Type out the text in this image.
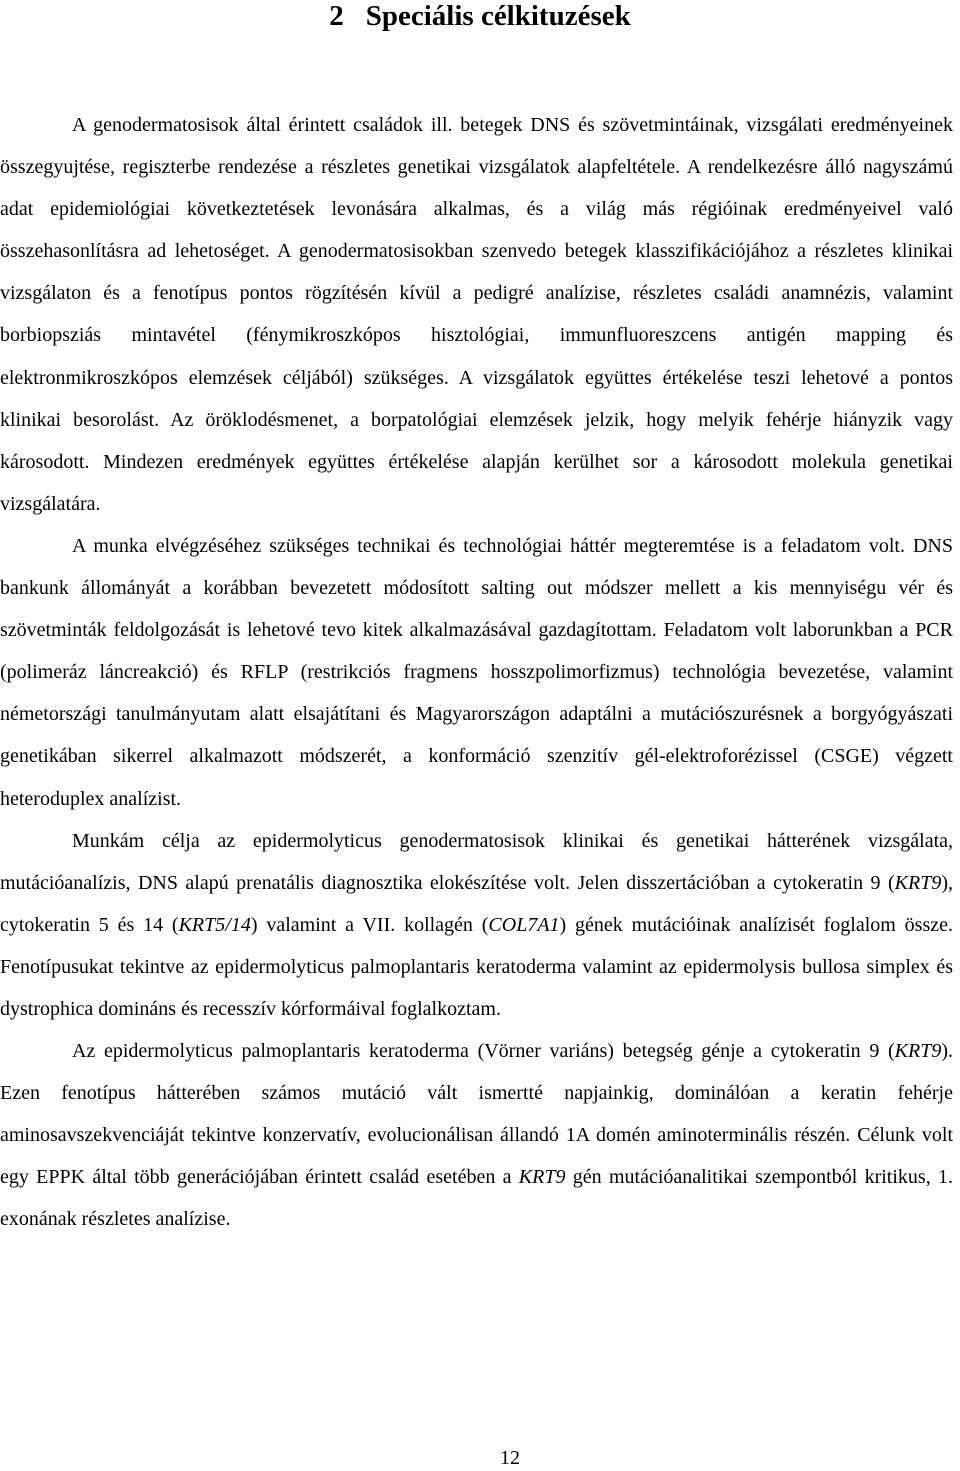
2 Speciális célkituzések

A genodermatosisok által érintett családok ill. betegek DNS és szövetmintáinak, vizsgálati eredményeinek összegyujtése, regiszterbe rendezése a részletes genetikai vizsgálatok alapfeltétele. A rendelkezésre álló nagyszámú adat epidemiológiai következtetések levonására alkalmas, és a világ más régióinak eredményeivel való összehasonlításra ad lehetoséget. A genodermatosisokban szenvedo betegek klasszifikációjához a részletes klinikai vizsgálaton és a fenotípus pontos rögzítésén kívül a pedigré analízise, részletes családi anamnézis, valamint borbiopsziás mintavétel (fénymikroszkópos hisztológiai, immunfluoreszcens antigén mapping és elektronmikroszkópos elemzések céljából) szükséges. A vizsgálatok együttes értékelése teszi lehetové a pontos klinikai besorolást. Az öröklodésmenet, a borpatológiai elemzések jelzik, hogy melyik fehérje hiányzik vagy károsodott. Mindezen eredmények együttes értékelése alapján kerülhet sor a károsodott molekula genetikai vizsgálatára.

A munka elvégzéséhez szükséges technikai és technológiai háttér megteremtése is a feladatom volt. DNS bankunk állományát a korábban bevezetett módosított salting out módszer mellett a kis mennyiségu vér és szövetminták feldolgozását is lehetové tevo kitek alkalmazásával gazdagítottam. Feladatom volt laborunkban a PCR (polimeráz láncreakció) és RFLP (restrikciós fragmens hosszpolimorfizmus) technológia bevezetése, valamint németországi tanulmányutam alatt elsajátítani és Magyarországon adaptálni a mutációszurésnek a borgyógyászati genetikában sikerrel alkalmazott módszerét, a konformáció szenzitív gél-elektroforézissel (CSGE) végzett heteroduplex analízist.

Munkám célja az epidermolyticus genodermatosisok klinikai és genetikai hátterének vizsgálata, mutációanalízis, DNS alapú prenatális diagnosztika elokészítése volt. Jelen disszertációban a cytokeratin 9 (KRT9), cytokeratin 5 és 14 (KRT5/14) valamint a VII. kollagén (COL7A1) gének mutációinak analízisét foglalom össze. Fenotípusukat tekintve az epidermolyticus palmoplantaris keratoderma valamint az epidermolysis bullosa simplex és dystrophica domináns és recesszív kórformáival foglalkoztam.

Az epidermolyticus palmoplantaris keratoderma (Vörner variáns) betegség génje a cytokeratin 9 (KRT9). Ezen fenotípus hátterében számos mutáció vált ismertté napjainkig, dominálóan a keratin fehérje aminosavszekvenciáját tekintve konzervatív, evolucionálisan állandó 1A domén aminoterminális részén. Célunk volt egy EPPK által több generációjában érintett család esetében a KRT9 gén mutációanalitikai szempontból kritikus, 1. exonának részletes analízise.

12
